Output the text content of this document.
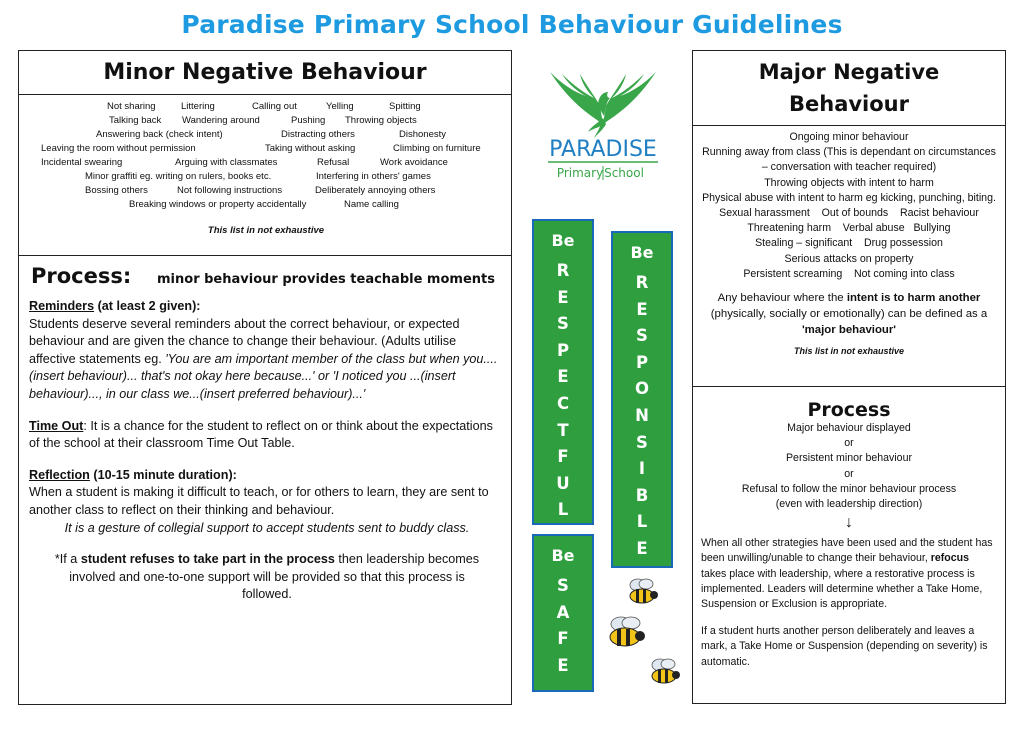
Paradise Primary School Behaviour Guidelines
Minor Negative Behaviour
Not sharing	Littering	Calling out	Yelling	Spitting
Talking back Wandering around	Pushing Throwing objects
Answering back (check intent)	Distracting others	Dishonesty
Leaving the room without permission	Taking without asking	Climbing on furniture
Incidental swearing	Arguing with classmates	Refusal	Work avoidance
Minor graffiti eg. writing on rulers, books etc.	Interfering in others' games
Bossing others	Not following instructions	Deliberately annoying others
Breaking windows or property accidentally	Name calling
This list in not exhaustive
Process: minor behaviour provides teachable moments

Reminders (at least 2 given):
Students deserve several reminders about the correct behaviour, or expected behaviour and are given the chance to change their behaviour. (Adults utilise affective statements eg. 'You are am important member of the class but when you....(insert behaviour)... that's not okay here because...' or 'I noticed you ...(insert behaviour)..., in our class we...(insert preferred behaviour)...'

Time Out: It is a chance for the student to reflect on or think about the expectations of the school at their classroom Time Out Table.

Reflection (10-15 minute duration):
When a student is making it difficult to teach, or for others to learn, they are sent to another class to reflect on their thinking and behaviour.

It is a gesture of collegial support to accept students sent to buddy class.

*If a student refuses to take part in the process then leadership becomes involved and one-to-one support will be provided so that this process is followed.

PARADISE
Primary School
Be
R
E
S
P
E
C
T
F
U
L
Be
R
E
S
P
O
N
S
I
B
L
E
Be
S
A
F
E
Major Negative
Behaviour
Ongoing minor behaviour
Running away from class (This is dependant on circumstances – conversation with teacher required)
Throwing objects with intent to harm
Physical abuse with intent to harm eg kicking, punching, biting.
Sexual harassment    Out of bounds    Racist behaviour
Threatening harm    Verbal abuse   Bullying
Stealing – significant    Drug possession
Serious attacks on property
Persistent screaming    Not coming into class
Any behaviour where the intent is to harm another (physically, socially or emotionally) can be defined as a 'major behaviour'
This list in not exhaustive
Process
Major behaviour displayed
or
Persistent minor behaviour
or
Refusal to follow the minor behaviour process
(even with leadership direction)
↓
When all other strategies have been used and the student has been unwilling/unable to change their behaviour, refocus takes place with leadership, where a restorative process is implemented. Leaders will determine whether a Take Home, Suspension or Exclusion is appropriate.
If a student hurts another person deliberately and leaves a mark, a Take Home or Suspension (depending on severity) is automatic.
